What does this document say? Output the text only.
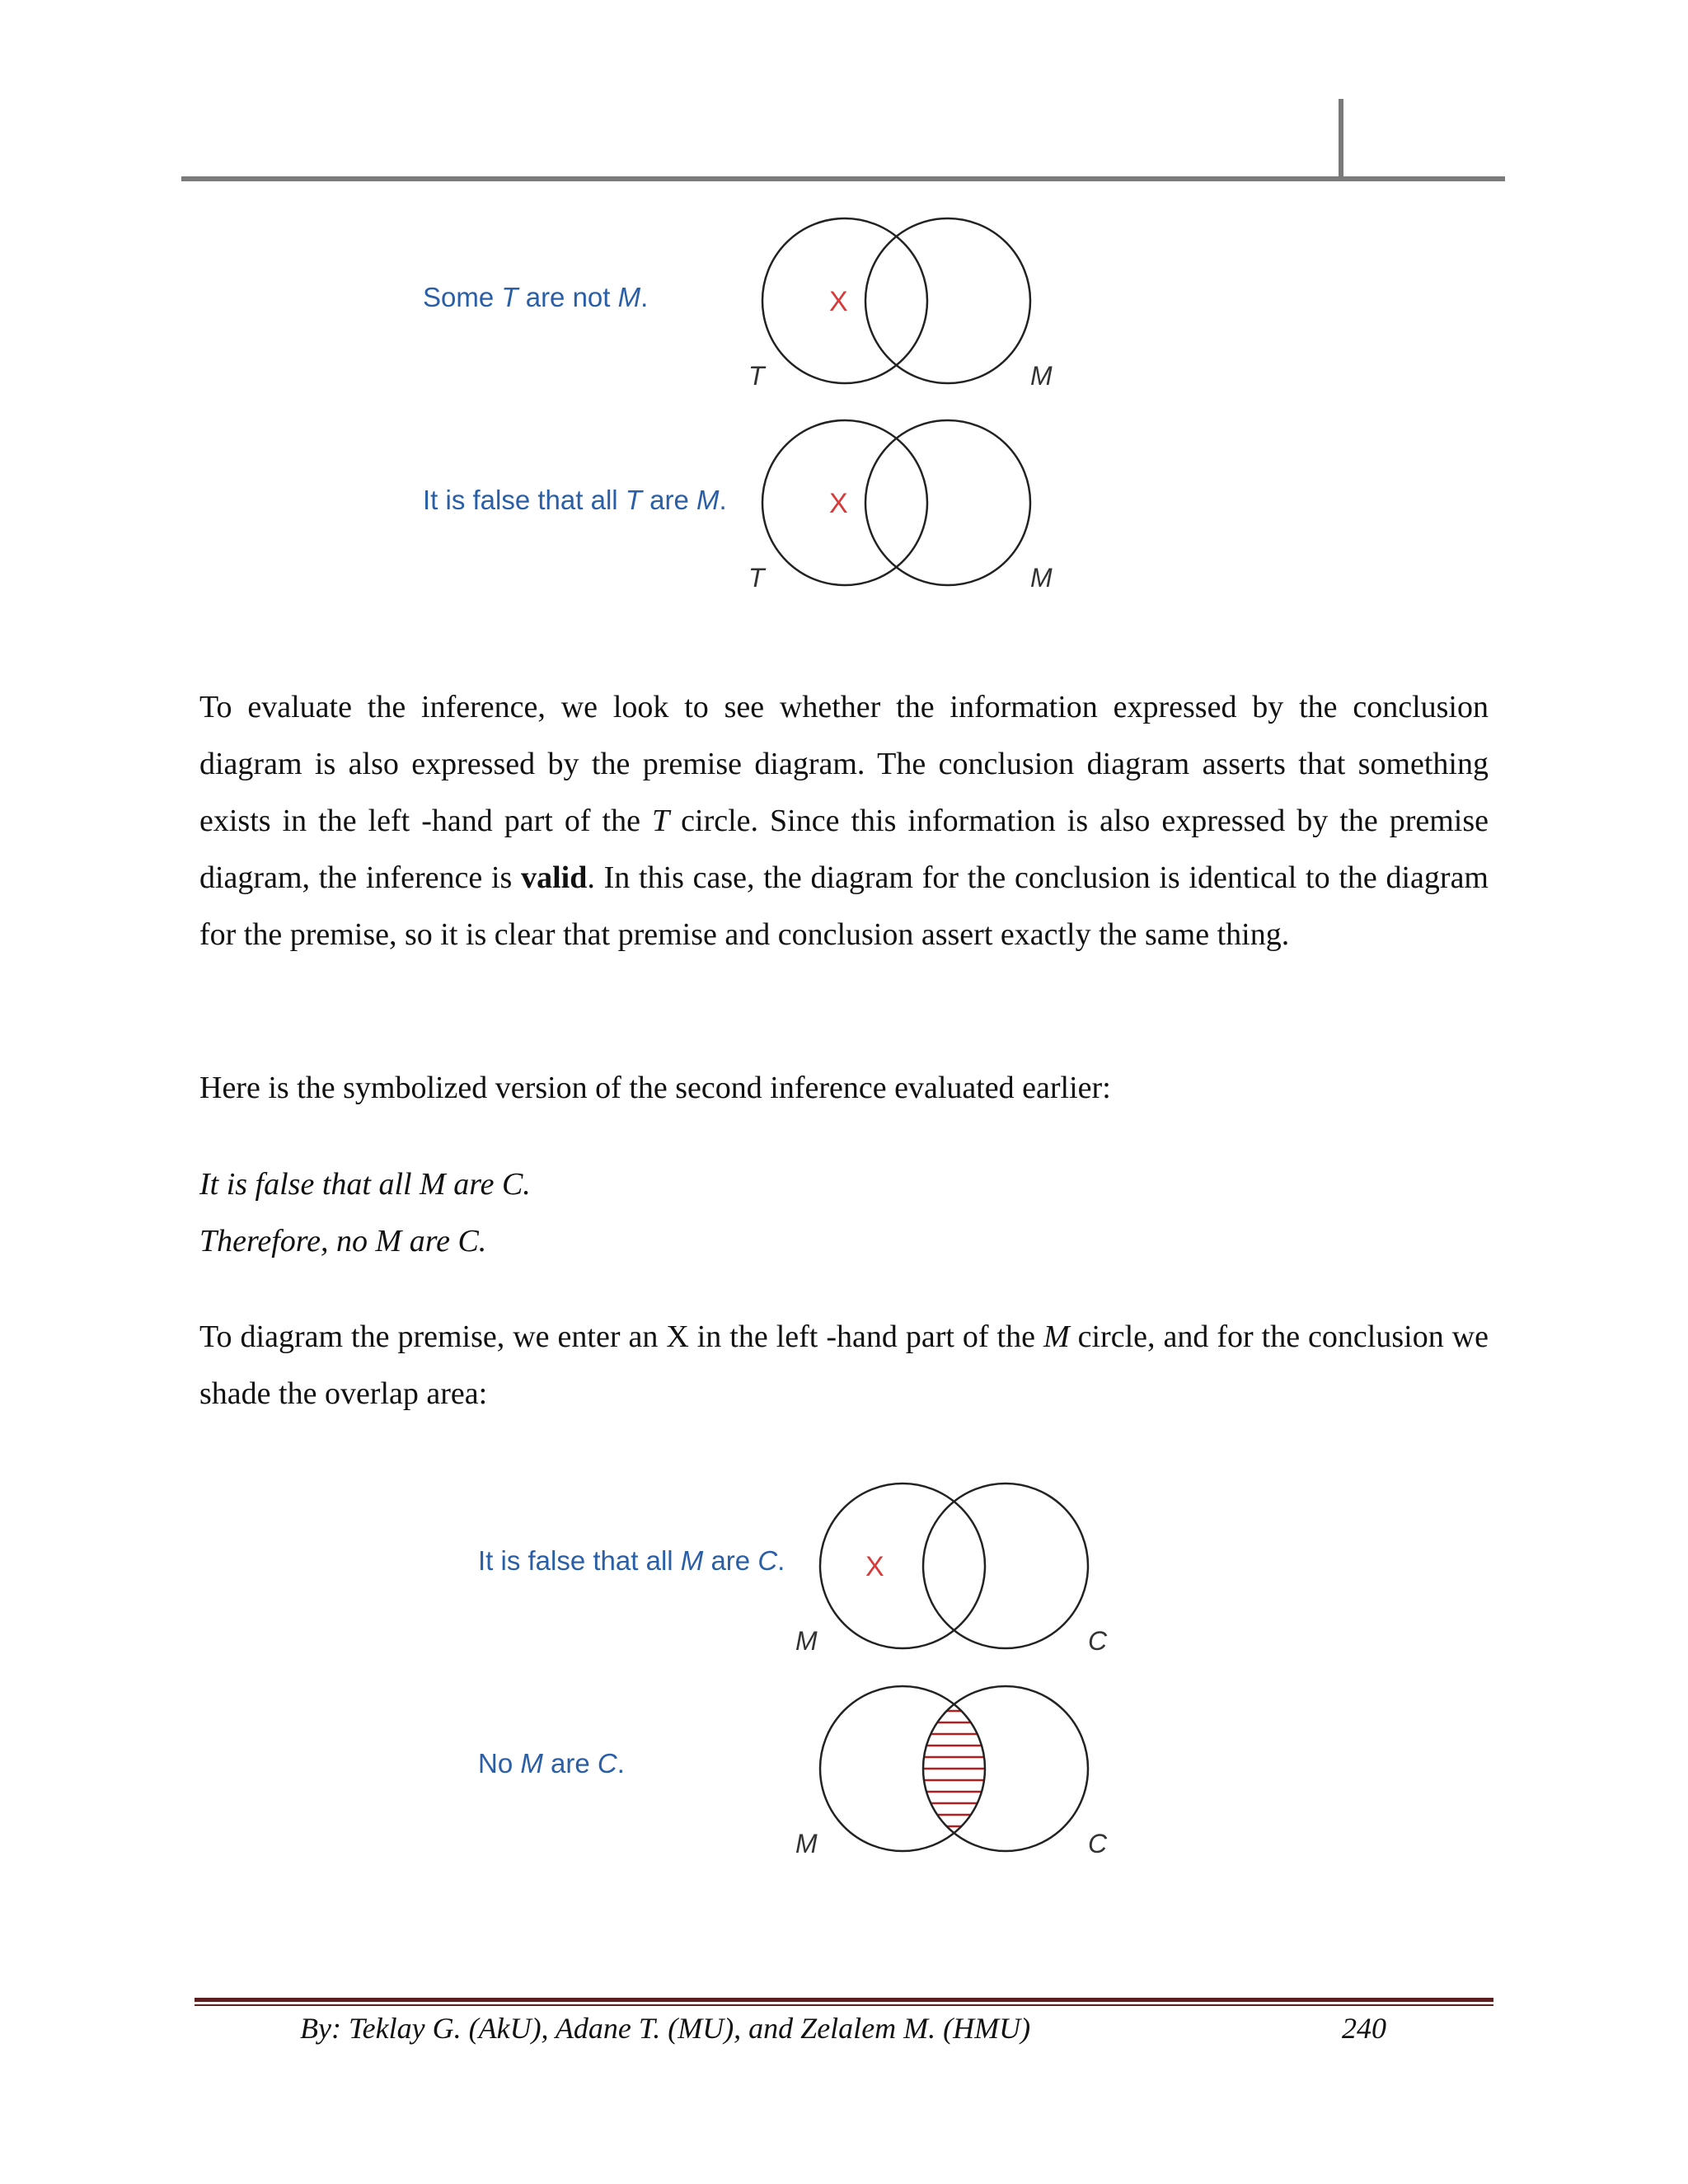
Some T are not M.	X
T	M
It is false that all T are M.	X
T	M
To evaluate the inference, we look to see whether the information expressed by the conclusion diagram is also expressed by the premise diagram. The conclusion diagram asserts that something exists in the left -hand part of the T circle. Since this information is also expressed by the premise diagram, the inference is valid. In this case, the diagram for the conclusion is identical to the diagram for the premise, so it is clear that premise and conclusion assert exactly the same thing.
Here is the symbolized version of the second inference evaluated earlier:
It is false that all M are C.
Therefore, no M are C.
To diagram the premise, we enter an X in the left -hand part of the M circle, and for the conclusion we shade the overlap area:
It is false that all M are C.	X
M	C
No M are C.
M	C
By: Teklay G. (AkU), Adane T. (MU), and Zelalem M. (HMU)	240
